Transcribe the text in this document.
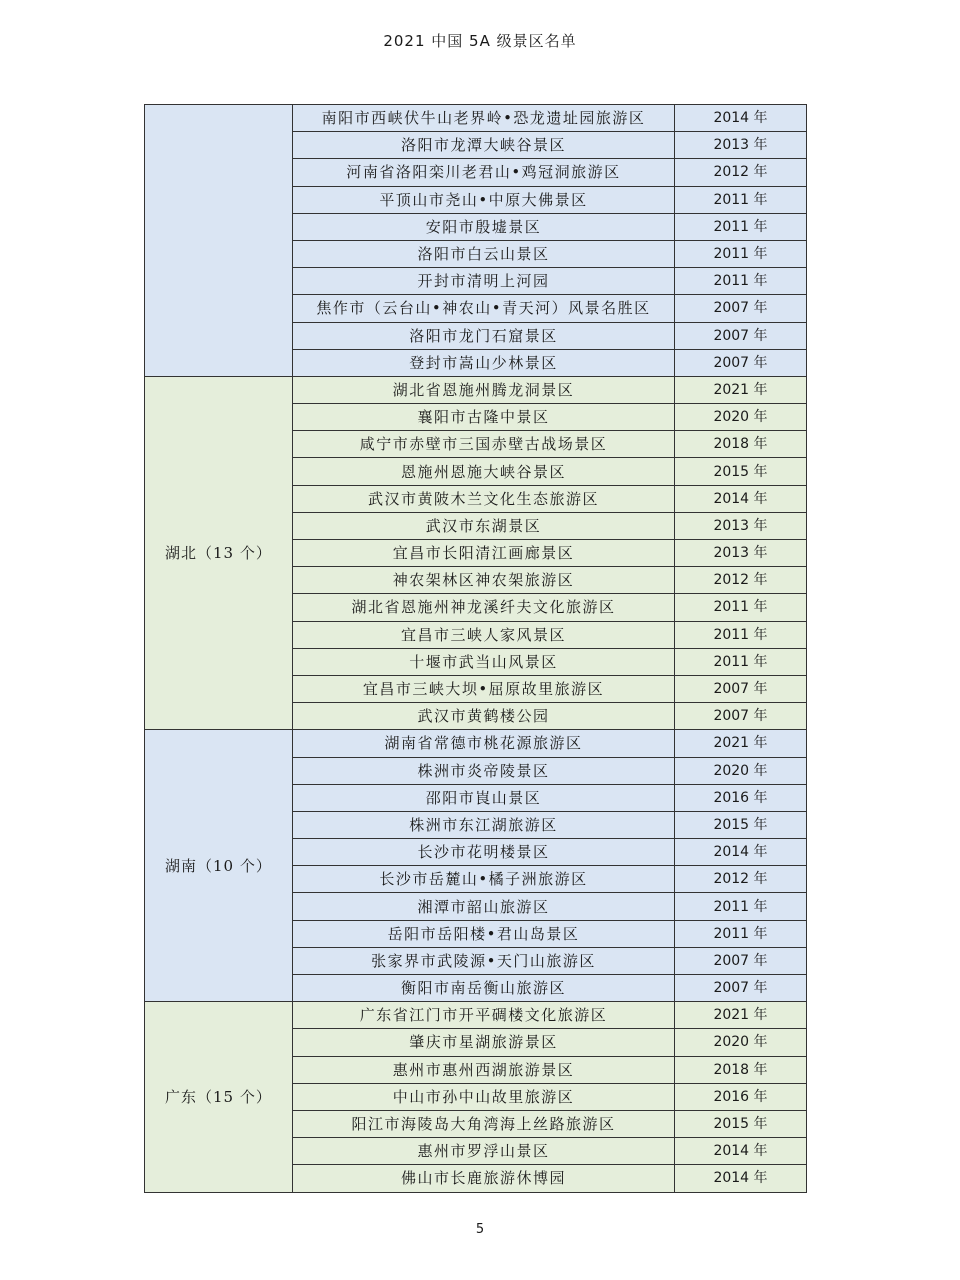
2021 中国 5A 级景区名单
	南阳市西峡伏牛山老界岭•恐龙遗址园旅游区	2014 年
	洛阳市龙潭大峡谷景区	2013 年
	河南省洛阳栾川老君山•鸡冠洞旅游区	2012 年
	平顶山市尧山•中原大佛景区	2011 年
	安阳市殷墟景区	2011 年
	洛阳市白云山景区	2011 年
	开封市清明上河园	2011 年
	焦作市（云台山•神农山•青天河）风景名胜区	2007 年
	洛阳市龙门石窟景区	2007 年
	登封市嵩山少林景区	2007 年
湖北（13 个）	湖北省恩施州腾龙洞景区	2021 年
	襄阳市古隆中景区	2020 年
	咸宁市赤壁市三国赤壁古战场景区	2018 年
	恩施州恩施大峡谷景区	2015 年
	武汉市黄陂木兰文化生态旅游区	2014 年
	武汉市东湖景区	2013 年
	宜昌市长阳清江画廊景区	2013 年
	神农架林区神农架旅游区	2012 年
	湖北省恩施州神龙溪纤夫文化旅游区	2011 年
	宜昌市三峡人家风景区	2011 年
	十堰市武当山风景区	2011 年
	宜昌市三峡大坝•屈原故里旅游区	2007 年
	武汉市黄鹤楼公园	2007 年
湖南（10 个）	湖南省常德市桃花源旅游区	2021 年
	株洲市炎帝陵景区	2020 年
	邵阳市崀山景区	2016 年
	株洲市东江湖旅游区	2015 年
	长沙市花明楼景区	2014 年
	长沙市岳麓山•橘子洲旅游区	2012 年
	湘潭市韶山旅游区	2011 年
	岳阳市岳阳楼•君山岛景区	2011 年
	张家界市武陵源•天门山旅游区	2007 年
	衡阳市南岳衡山旅游区	2007 年
广东（15 个）	广东省江门市开平碉楼文化旅游区	2021 年
	肇庆市星湖旅游景区	2020 年
	惠州市惠州西湖旅游景区	2018 年
	中山市孙中山故里旅游区	2016 年
	阳江市海陵岛大角湾海上丝路旅游区	2015 年
	惠州市罗浮山景区	2014 年
	佛山市长鹿旅游休博园	2014 年
5
